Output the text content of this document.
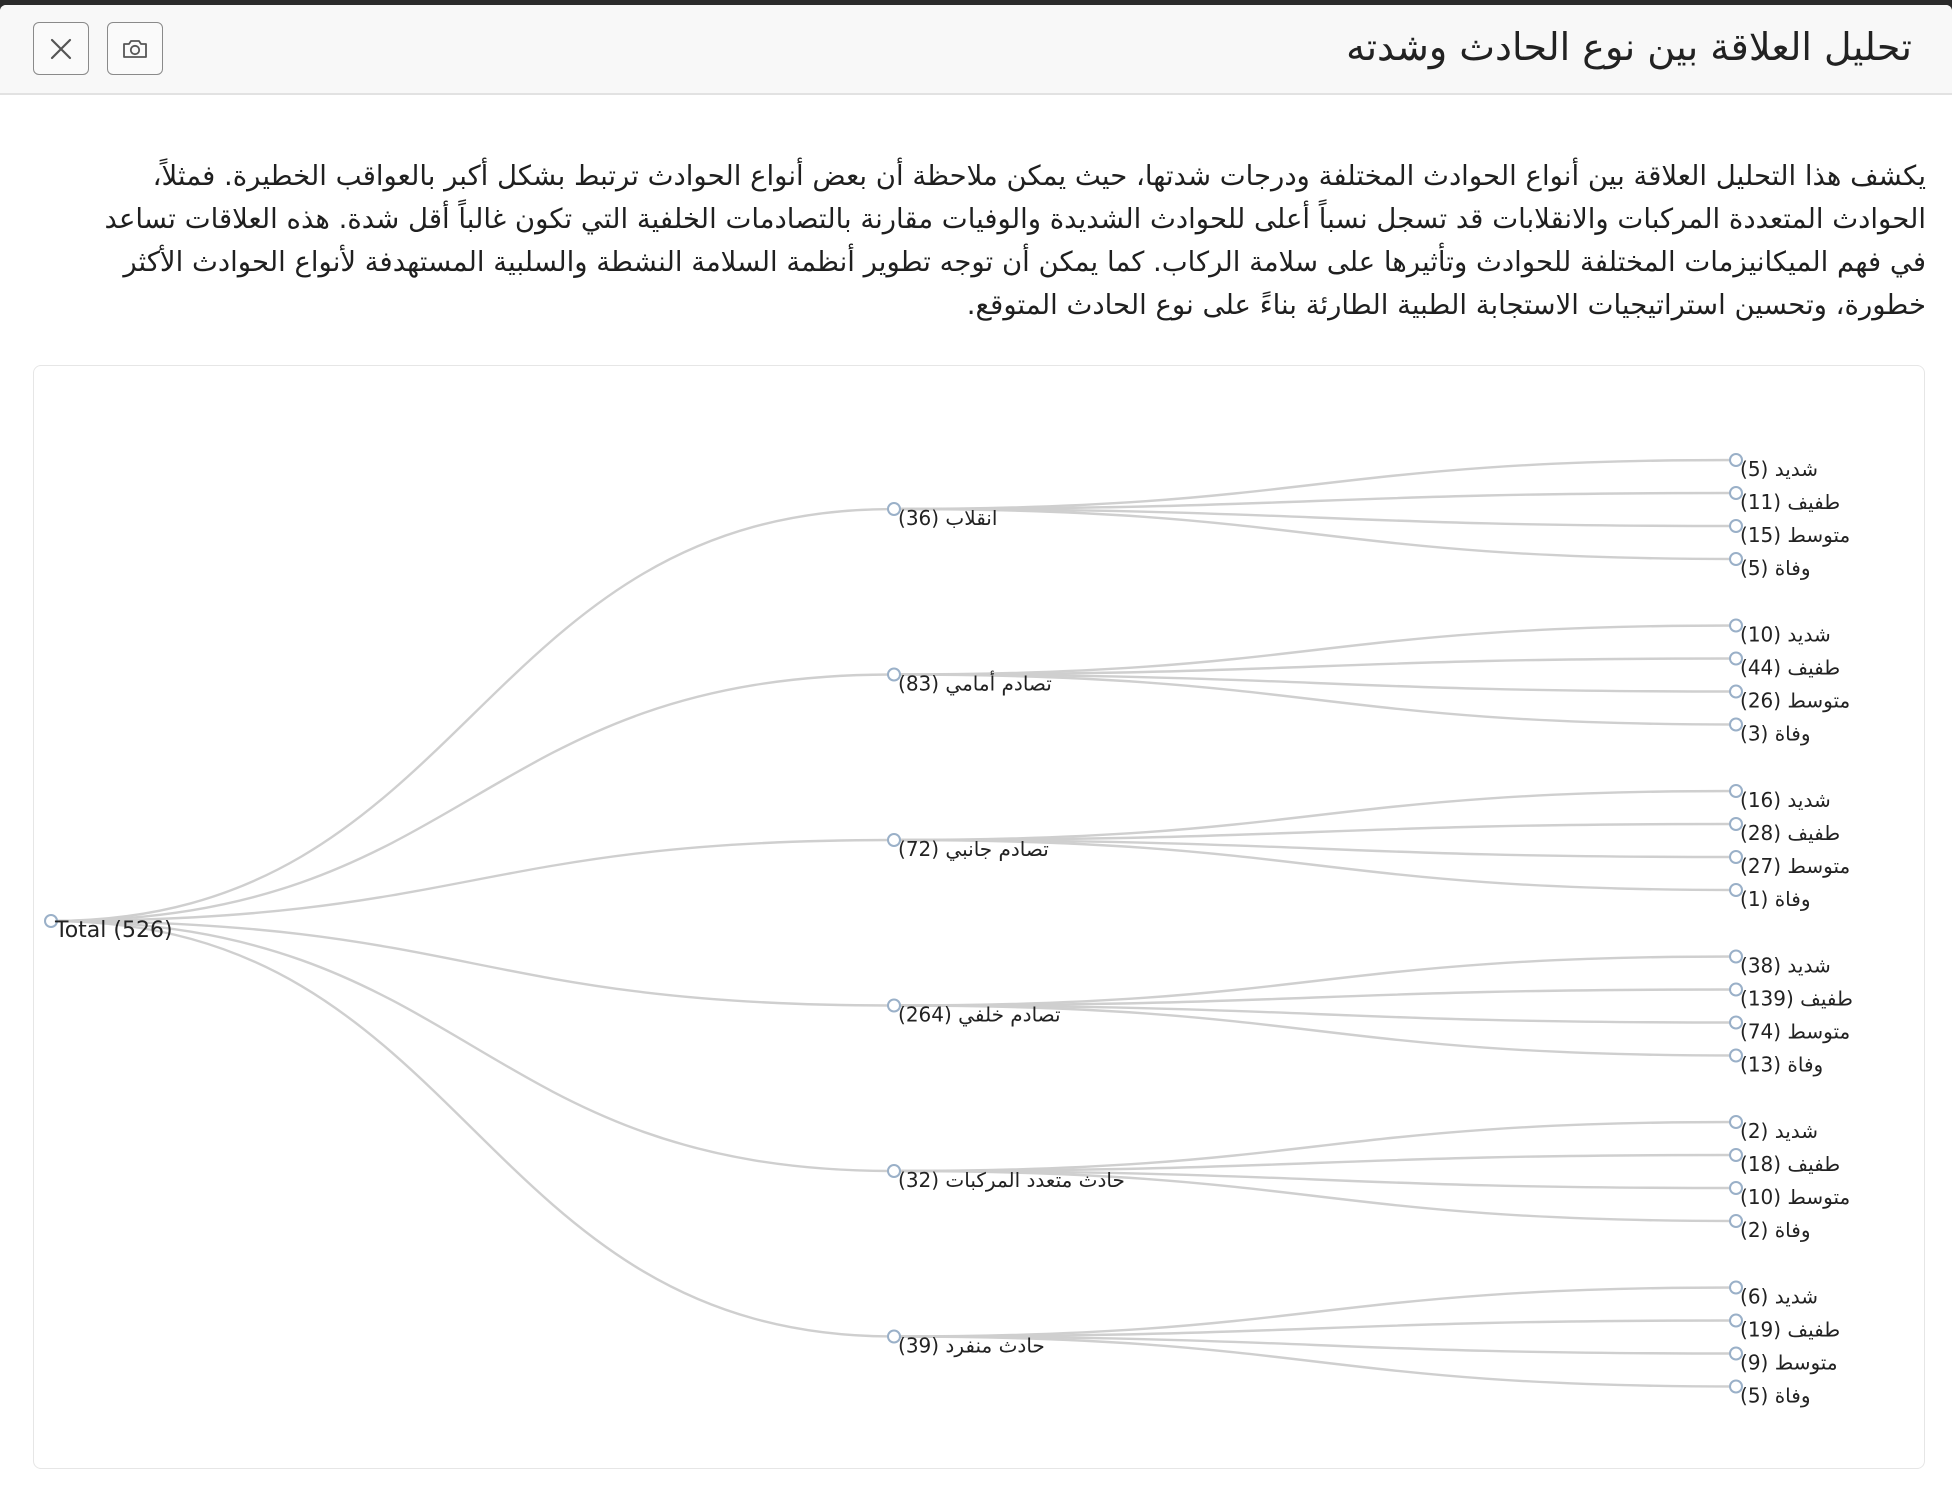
تحليل العلاقة بين نوع الحادث وشدته

يكشف هذا التحليل العلاقة بين أنواع الحوادث المختلفة ودرجات شدتها، حيث يمكن ملاحظة أن بعض أنواع الحوادث ترتبط بشكل أكبر بالعواقب الخطيرة. فمثلاً، الحوادث المتعددة المركبات والانقلابات قد تسجل نسباً أعلى للحوادث الشديدة والوفيات مقارنة بالتصادمات الخلفية التي تكون غالباً أقل شدة. هذه العلاقات تساعد في فهم الميكانيزمات المختلفة للحوادث وتأثيرها على سلامة الركاب. كما يمكن أن توجه تطوير أنظمة السلامة النشطة والسلبية المستهدفة لأنواع الحوادث الأكثر خطورة، وتحسين استراتيجيات الاستجابة الطبية الطارئة بناءً على نوع الحادث المتوقع.

Total (526)
انقلاب (36)
شديد (5)
طفيف (11)
متوسط (15)
وفاة (5)
تصادم أمامي (83)
شديد (10)
طفيف (44)
متوسط (26)
وفاة (3)
تصادم جانبي (72)
شديد (16)
طفيف (28)
متوسط (27)
وفاة (1)
تصادم خلفي (264)
شديد (38)
طفيف (139)
متوسط (74)
وفاة (13)
حادث متعدد المركبات (32)
شديد (2)
طفيف (18)
متوسط (10)
وفاة (2)
حادث منفرد (39)
شديد (6)
طفيف (19)
متوسط (9)
وفاة (5)
